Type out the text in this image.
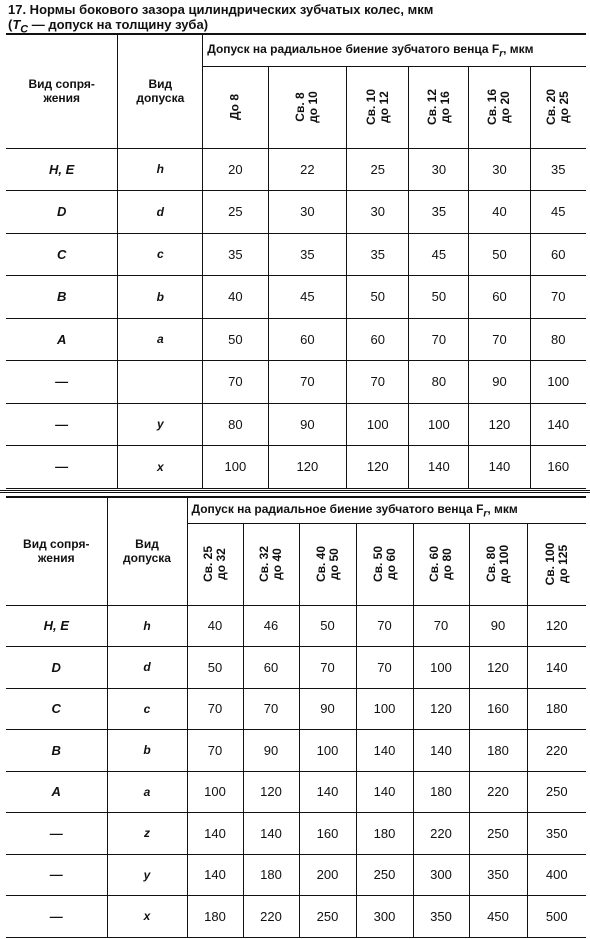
17. Нормы бокового зазора цилиндрических зубчатых колес, мкм
($T_C$ — допуск на толщину зуба)
Вид сопря-
жения	Вид
допуска	Допуск на радиальное биение зубчатого венца $F_r$, мкм					

		До 8	Св. 8
до 10	Св. 10
до 12	Св. 12
до 16	Св. 16
до 20	Св. 20
до 25

H, E	h	20	22	25	30	30	35
D	d	25	30	30	35	40	45
C	c	35	35	35	45	50	60
B	b	40	45	50	50	60	70
A	a	50	60	60	70	70	80
—		70	70	70	80	90	100
—	y	80	90	100	100	120	140
—	x	100	120	120	140	140	160
Вид сопря-
жения	Вид
допуска	Допуск на радиальное биение зубчатого венца $F_r$, мкм						

		Св. 25
до 32	Св. 32
до 40	Св. 40
до 50	Св. 50
до 60	Св. 60
до 80	Св. 80
до 100	Св. 100
до 125

H, E	h	40	46	50	70	70	90	120
D	d	50	60	70	70	100	120	140
C	c	70	70	90	100	120	160	180
B	b	70	90	100	140	140	180	220
A	a	100	120	140	140	180	220	250
—	z	140	140	160	180	220	250	350
—	y	140	180	200	250	300	350	400
—	x	180	220	250	300	350	450	500
